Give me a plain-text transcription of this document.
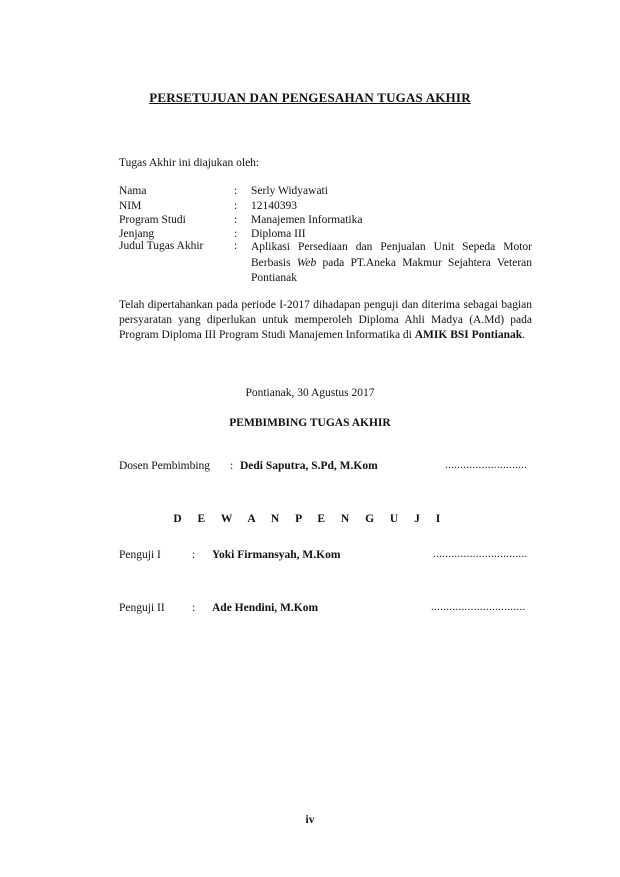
PERSETUJUAN DAN PENGESAHAN TUGAS AKHIR
Tugas Akhir ini diajukan oleh:
Nama	: Serly Widyawati
NIM	: 12140393
Program Studi	: Manajemen Informatika
Jenjang	: Diploma III
Judul Tugas Akhir	: Aplikasi Persediaan dan Penjualan Unit Sepeda Motor Berbasis Web pada PT.Aneka Makmur Sejahtera Veteran Pontianak
Telah dipertahankan pada periode I-2017 dihadapan penguji dan diterima sebagai bagian persyaratan yang diperlukan untuk memperoleh Diploma Ahli Madya (A.Md) pada Program Diploma III Program Studi Manajemen Informatika di AMIK BSI Pontianak.
Pontianak, 30 Agustus 2017
PEMBIMBING TUGAS AKHIR
Dosen Pembimbing : Dedi Saputra, S.Pd, M.Kom	...........................
D E W A N P E N G U J I
Penguji I	: Yoki Firmansyah, M.Kom	...............................
Penguji II : Ade Hendini, M.Kom	...............................
iv
